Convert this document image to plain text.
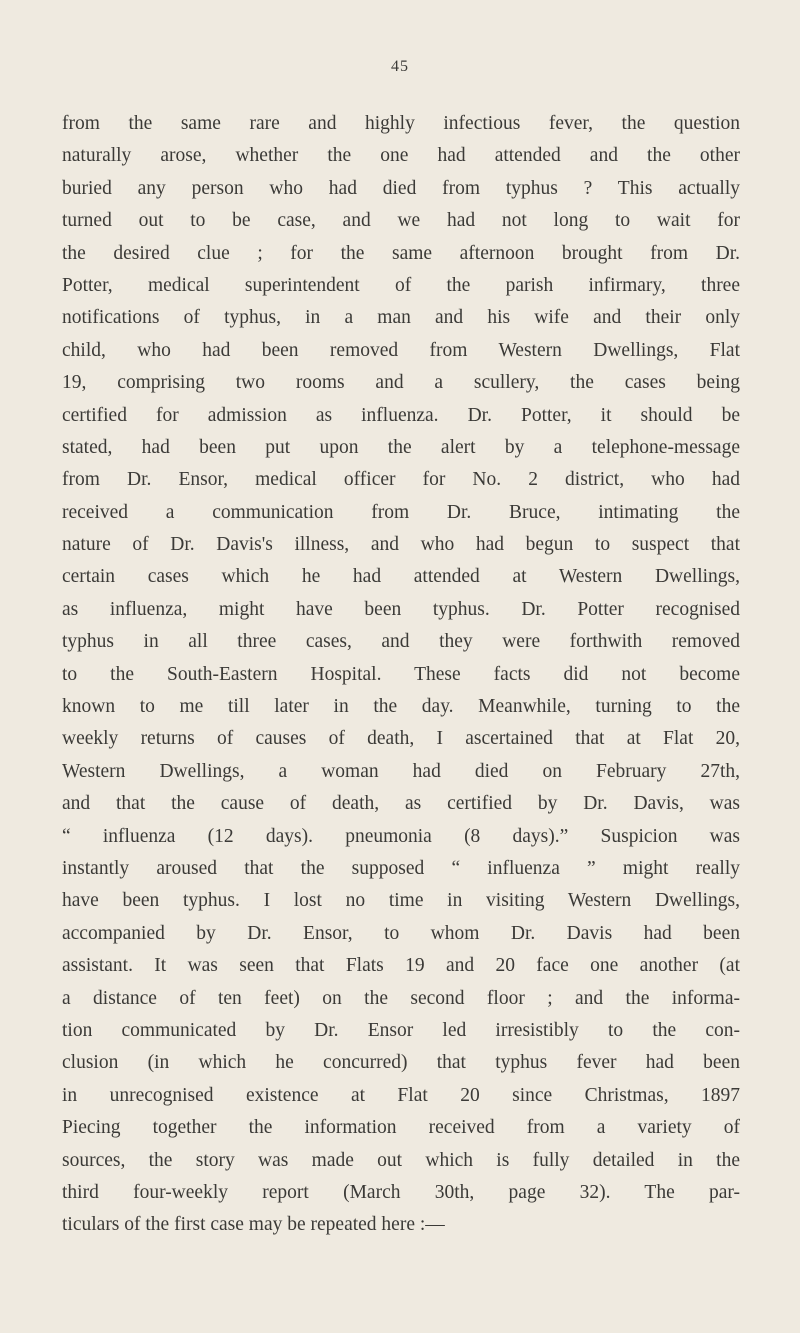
45
from the same rare and highly infectious fever, the question
naturally arose, whether the one had attended and the other
buried any person who had died from typhus ? This actually
turned out to be case, and we had not long to wait for
the desired clue ; for the same afternoon brought from Dr.
Potter, medical superintendent of the parish infirmary, three
notifications of typhus, in a man and his wife and their only
child, who had been removed from Western Dwellings, Flat
19, comprising two rooms and a scullery, the cases being
certified for admission as influenza. Dr. Potter, it should be
stated, had been put upon the alert by a telephone-message
from Dr. Ensor, medical officer for No. 2 district, who had
received a communication from Dr. Bruce, intimating the
nature of Dr. Davis's illness, and who had begun to suspect that
certain cases which he had attended at Western Dwellings,
as influenza, might have been typhus. Dr. Potter recognised
typhus in all three cases, and they were forthwith removed
to the South-Eastern Hospital. These facts did not become
known to me till later in the day. Meanwhile, turning to the
weekly returns of causes of death, I ascertained that at Flat 20,
Western Dwellings, a woman had died on February 27th,
and that the cause of death, as certified by Dr. Davis, was
“ influenza (12 days). pneumonia (8 days).” Suspicion was
instantly aroused that the supposed “ influenza ” might really
have been typhus. I lost no time in visiting Western Dwellings,
accompanied by Dr. Ensor, to whom Dr. Davis had been
assistant. It was seen that Flats 19 and 20 face one another (at
a distance of ten feet) on the second floor ; and the informa-
tion communicated by Dr. Ensor led irresistibly to the con-
clusion (in which he concurred) that typhus fever had been
in unrecognised existence at Flat 20 since Christmas, 1897
Piecing together the information received from a variety of
sources, the story was made out which is fully detailed in the
third four-weekly report (March 30th, page 32). The par-
ticulars of the first case may be repeated here :—
